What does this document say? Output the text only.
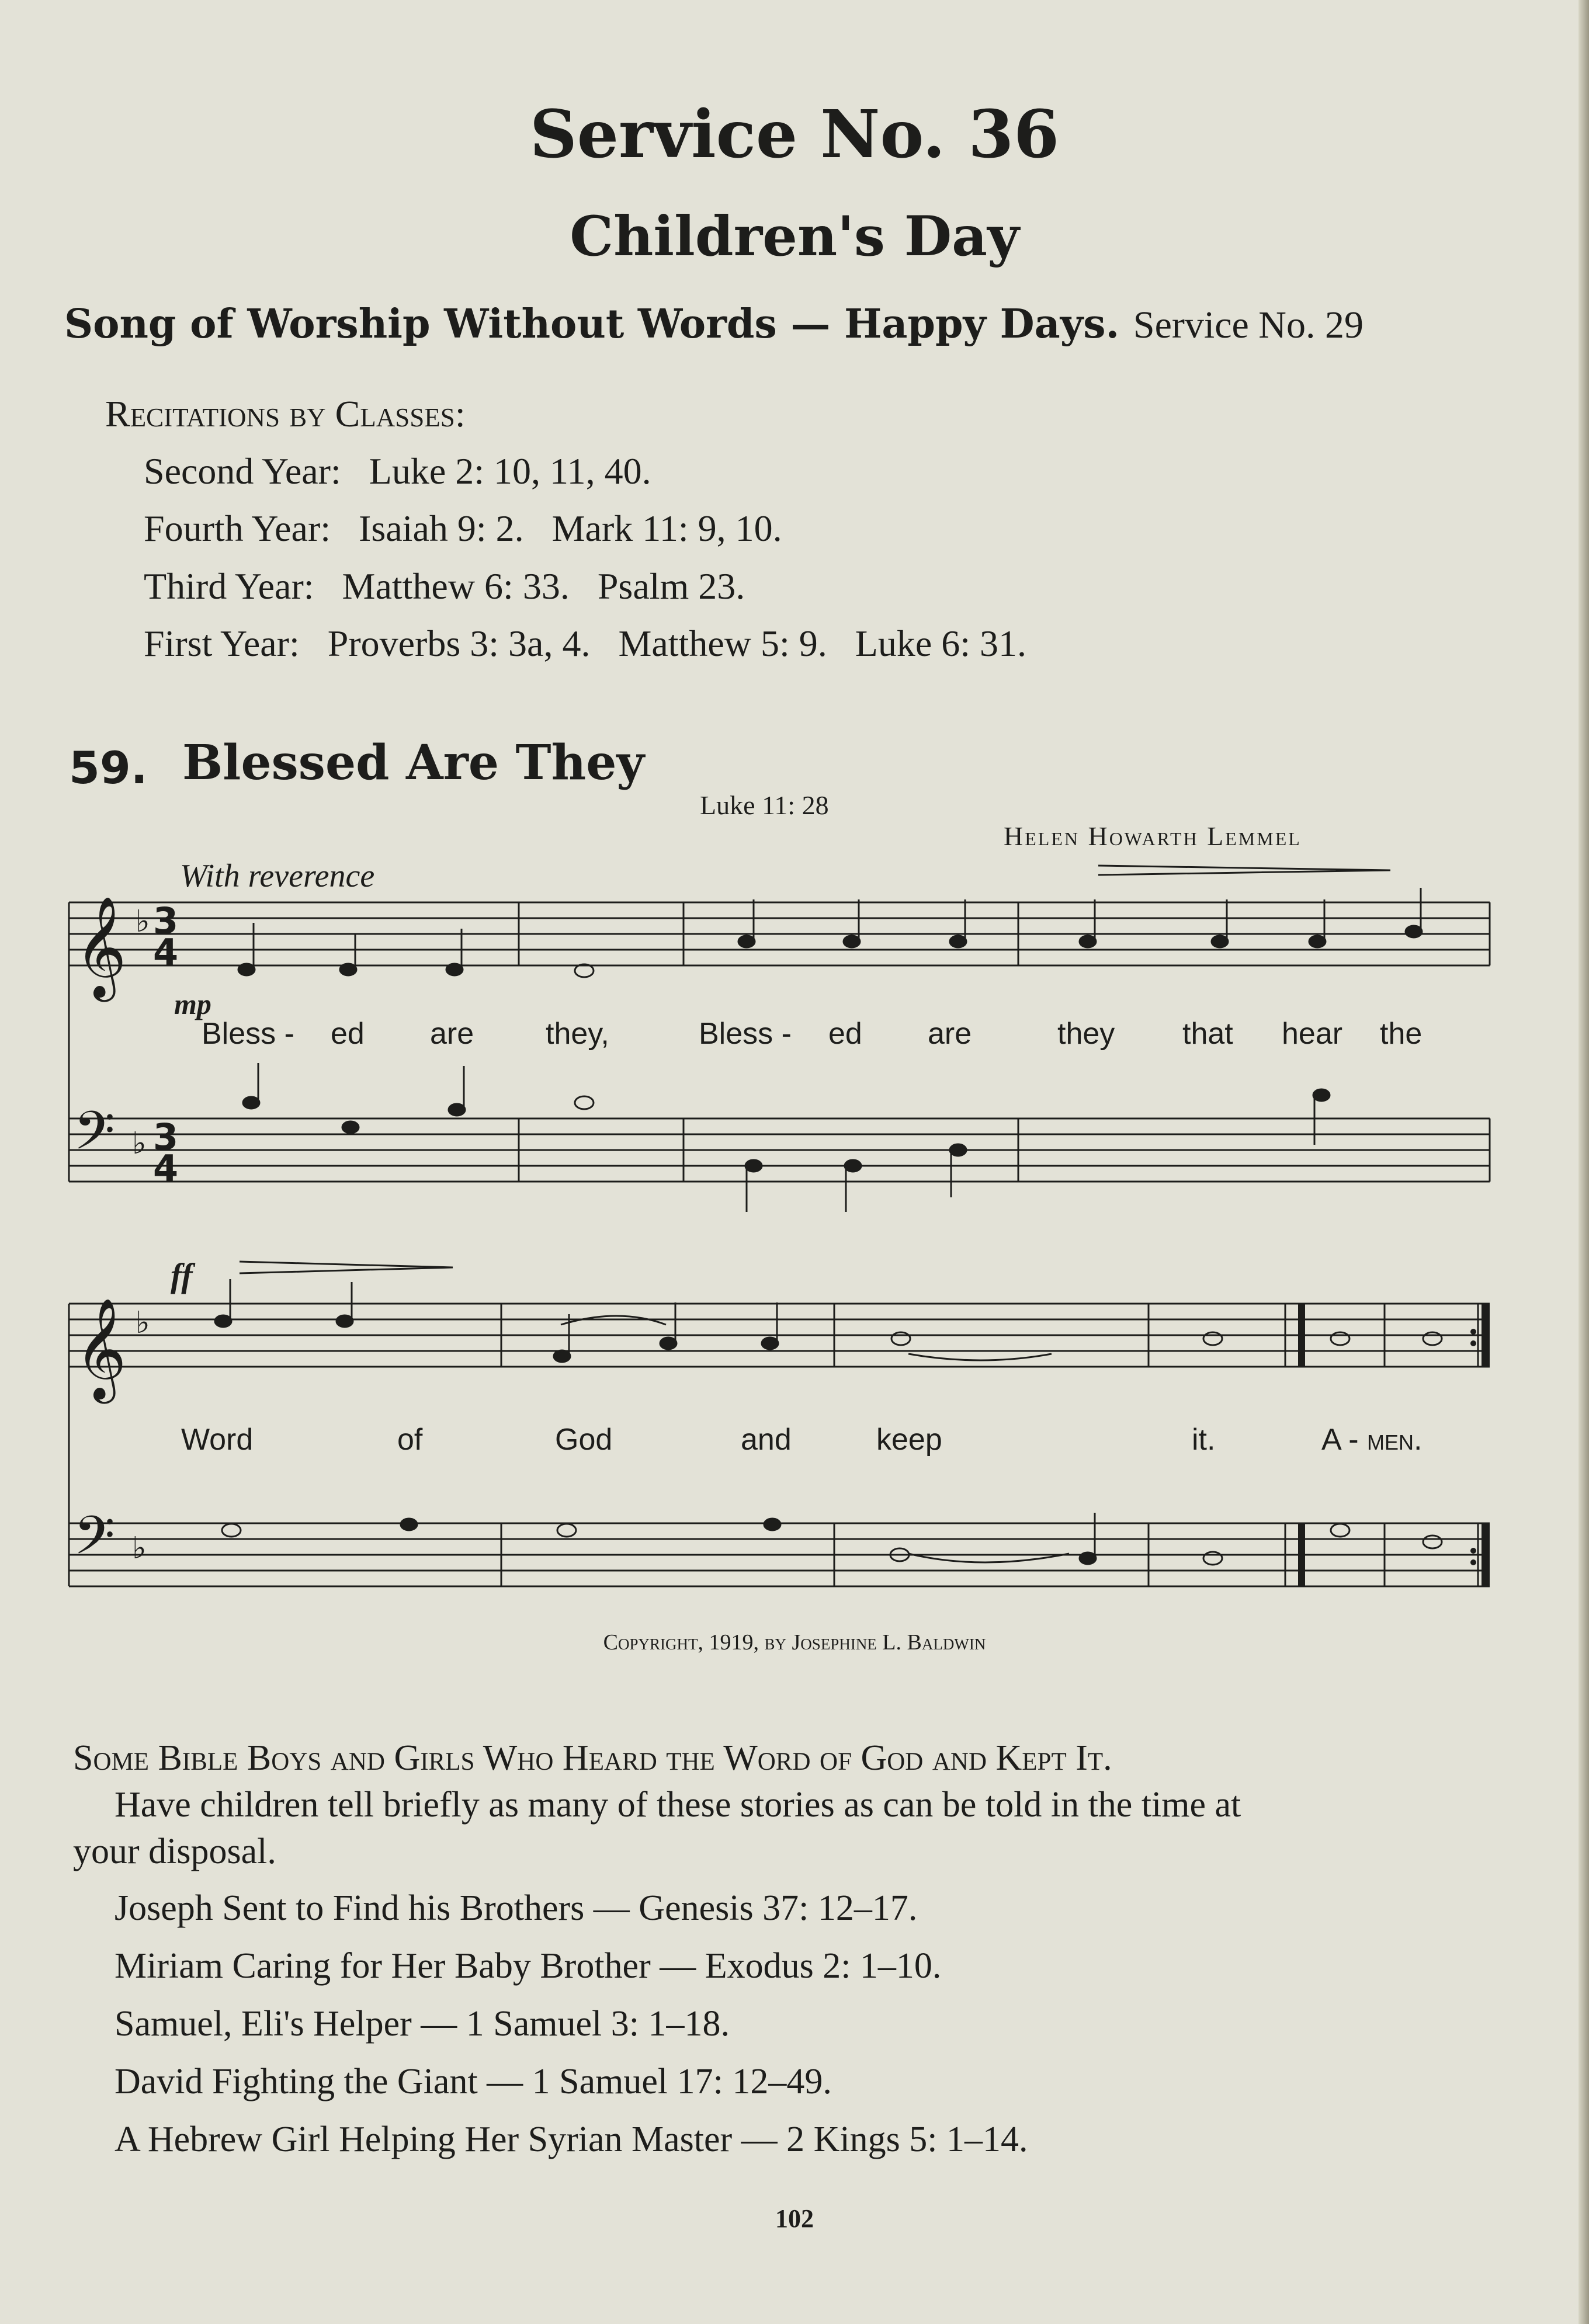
Service No. 36
Children's Day
Song of Worship Without Words — Happy Days. Service No. 29
Recitations by Classes:
Second Year: Luke 2: 10, 11, 40.
Fourth Year: Isaiah 9: 2.   Mark 11: 9, 10.
Third Year: Matthew 6: 33.   Psalm 23.
First Year: Proverbs 3: 3a, 4.   Matthew 5: 9.   Luke 6: 31.
59. Blessed Are They
Luke 11: 28
Helen Howarth Lemmel
With reverence
mp
ff
𝄞
𝄢
𝄞
𝄢
♭
♭
♭
♭
3
4
3
4
Bless - ed are they,	Bless - ed are	they that hear the
Word	of	God	and	keep	it.	A - men.
Copyright, 1919, by Josephine L. Baldwin
Some Bible Boys and Girls Who Heard the Word of God and Kept It.
Have children tell briefly as many of these stories as can be told in the time at
your disposal.
Joseph Sent to Find his Brothers — Genesis 37: 12–17.
Miriam Caring for Her Baby Brother — Exodus 2: 1–10.
Samuel, Eli's Helper — 1 Samuel 3: 1–18.
David Fighting the Giant — 1 Samuel 17: 12–49.
A Hebrew Girl Helping Her Syrian Master — 2 Kings 5: 1–14.
102
